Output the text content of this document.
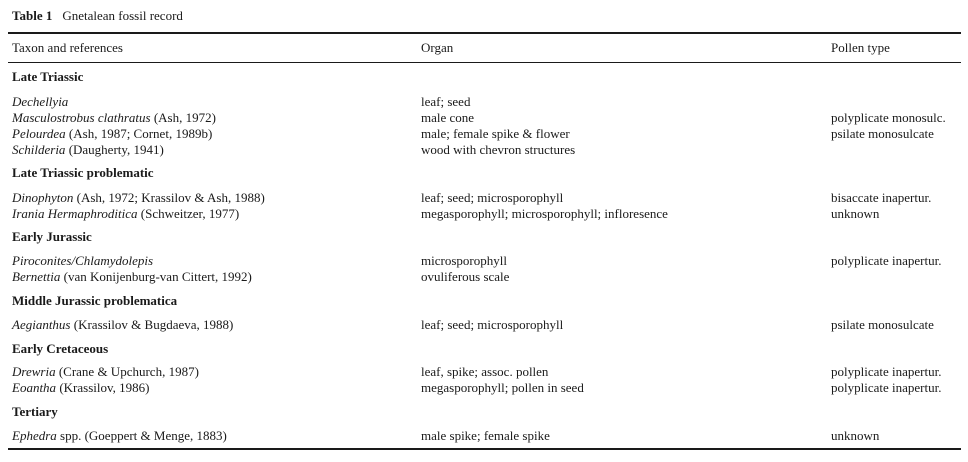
Table 1 Gnetalean fossil record
Taxon and references	Organ	Pollen type
Late Triassic
Dechellyia	leaf; seed
Masculostrobus clathratus (Ash, 1972)	male cone	polyplicate monosulc.
Pelourdea (Ash, 1987; Cornet, 1989b)	male; female spike & flower	psilate monosulcate
Schilderia (Daugherty, 1941)	wood with chevron structures
Late Triassic problematic
Dinophyton (Ash, 1972; Krassilov & Ash, 1988)	leaf; seed; microsporophyll	bisaccate inapertur.
Irania Hermaphroditica (Schweitzer, 1977)	megasporophyll; microsporophyll; infloresence	unknown
Early Jurassic
Piroconites/Chlamydolepis	microsporophyll	polyplicate inapertur.
Bernettia (van Konijenburg-van Cittert, 1992)	ovuliferous scale
Middle Jurassic problematica
Aegianthus (Krassilov & Bugdaeva, 1988)	leaf; seed; microsporophyll	psilate monosulcate
Early Cretaceous
Drewria (Crane & Upchurch, 1987)	leaf, spike; assoc. pollen	polyplicate inapertur.
Eoantha (Krassilov, 1986)	megasporophyll; pollen in seed	polyplicate inapertur.
Tertiary
Ephedra spp. (Goeppert & Menge, 1883)	male spike; female spike	unknown
